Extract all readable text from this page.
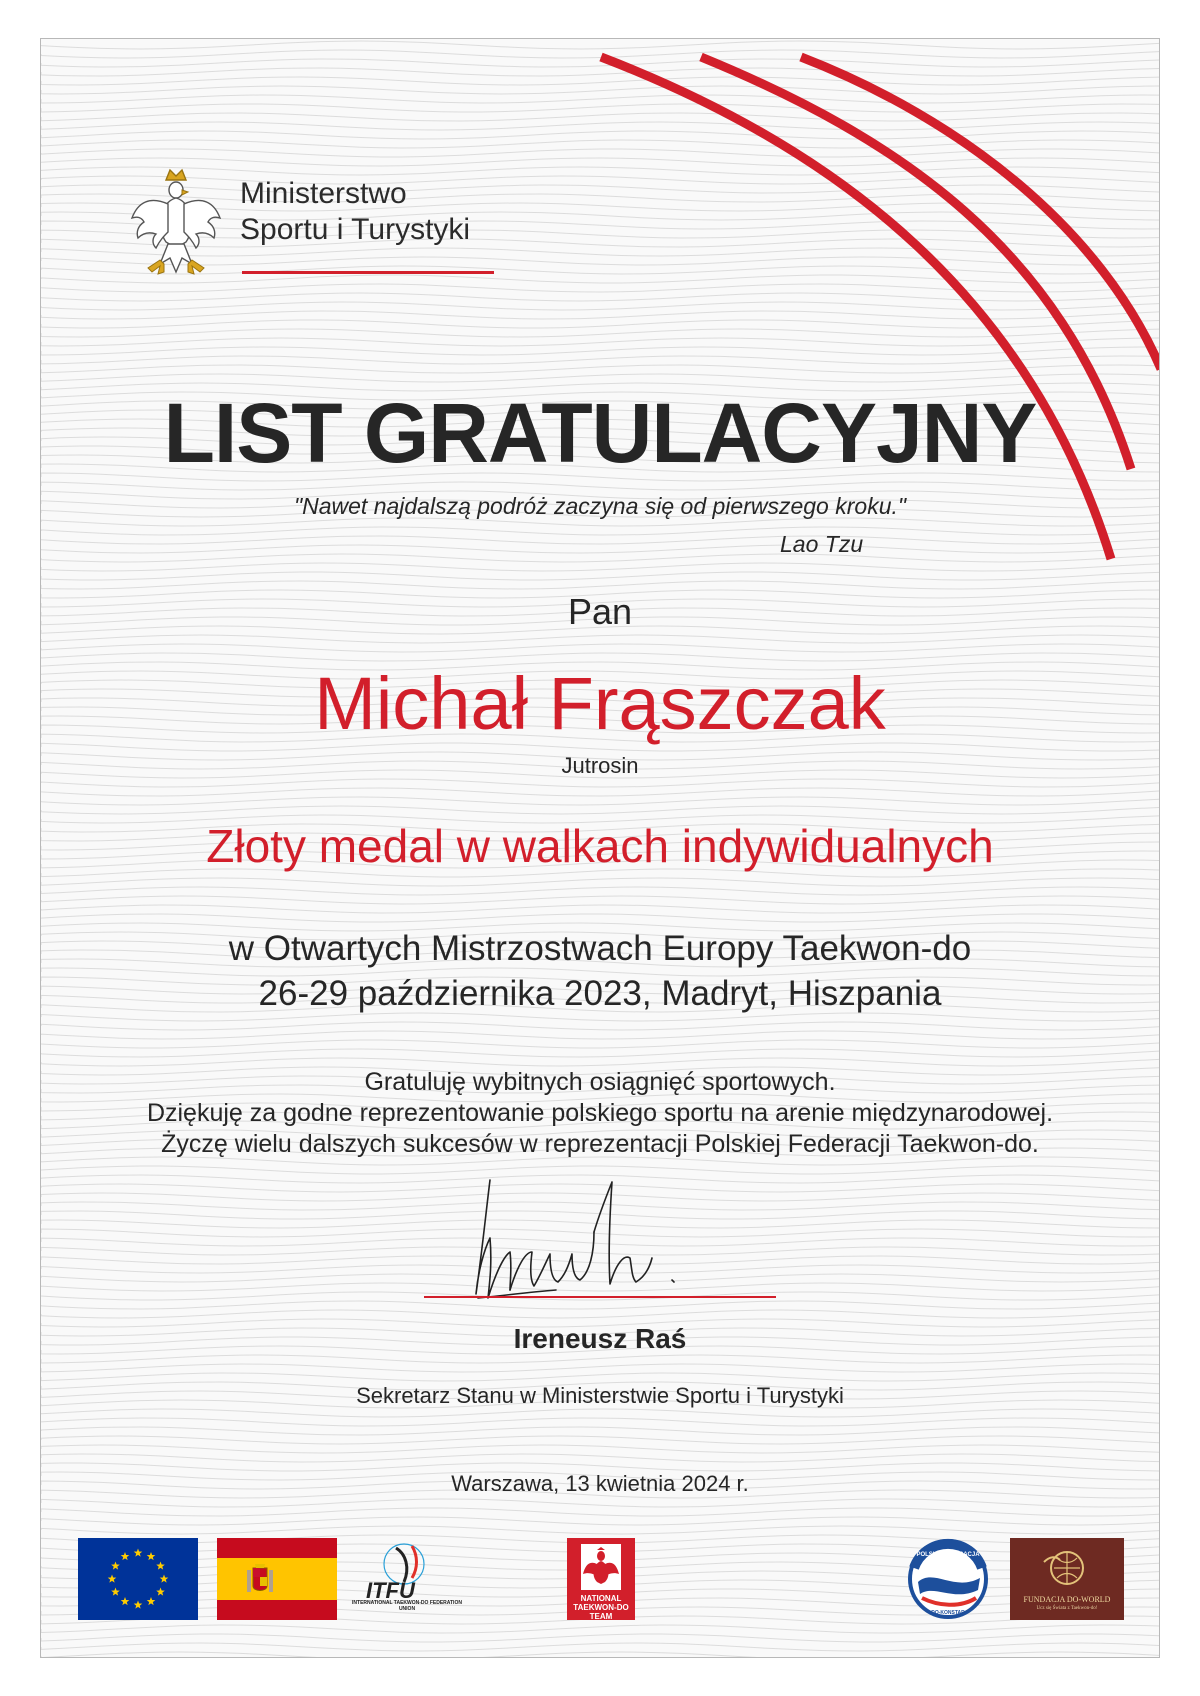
Ministerstwo
Sportu i Turystyki
LIST GRATULACYJNY
"Nawet najdalszą podróż zaczyna się od pierwszego kroku."
Lao Tzu
Pan
Michał Frąszczak
Jutrosin
Złoty medal w walkach indywidualnych
w Otwartych Mistrzostwach Europy Taekwon-do
26-29 października 2023, Madryt, Hiszpania
Gratuluję wybitnych osiągnięć sportowych.
Dziękuję za godne reprezentowanie polskiego sportu na arenie międzynarodowej.
Życzę wielu dalszych sukcesów w reprezentacji Polskiej Federacji Taekwon-do.
Ireneusz Raś
Sekretarz Stanu w Ministerstwie Sportu i Turystyki
Warszawa, 13 kwietnia 2024 r.
ITFU
INTERNATIONAL TAEKWON-DO FEDERATION UNION
NATIONAL TAEKWON-DO TEAM
POLSKA FEDERACJA
DO-KONSTAR
FUNDACJA DO-WORLD
Ucz się Świata z Taekwon-do!
